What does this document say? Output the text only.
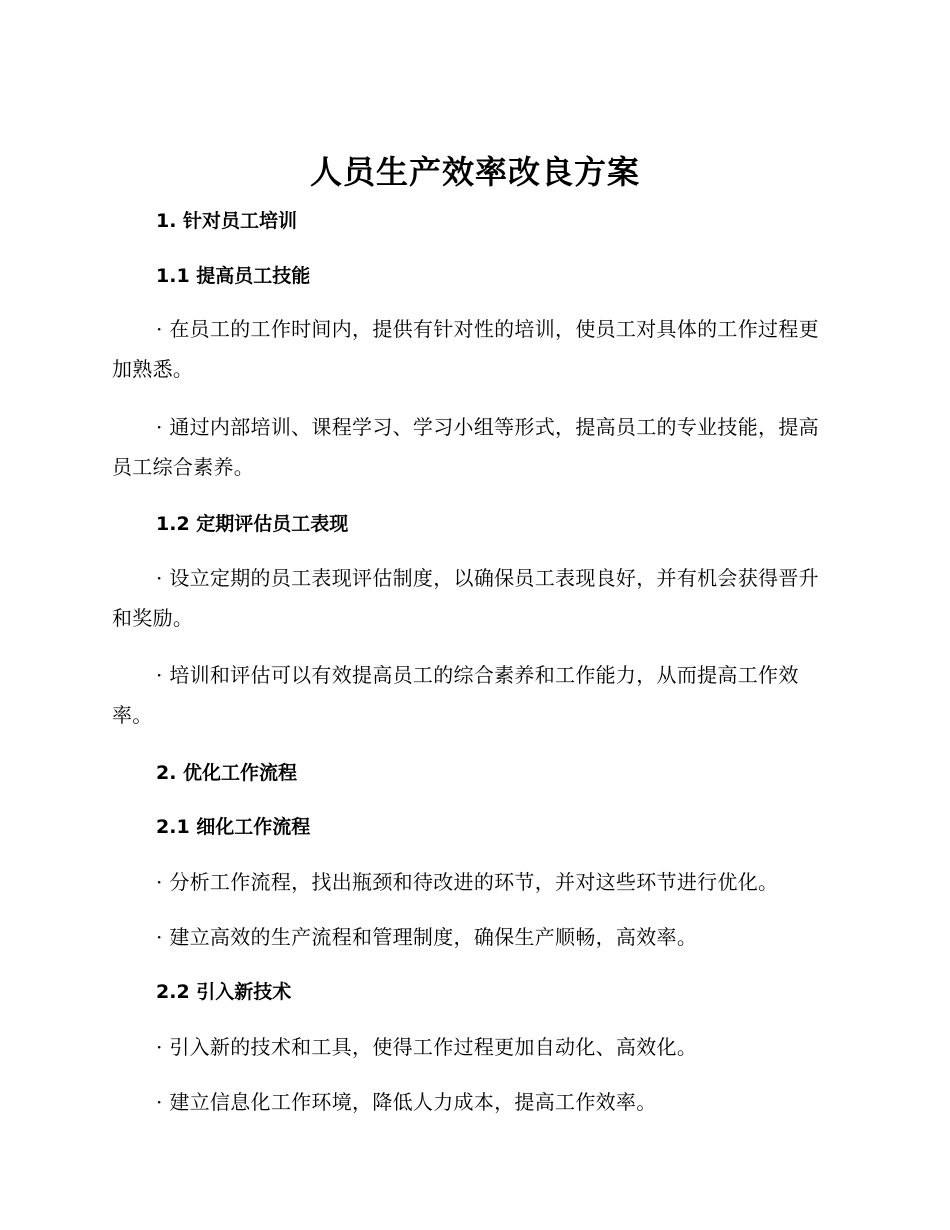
人员生产效率改良方案
1. 针对员工培训
1.1 提高员工技能
· 在员工的工作时间内，提供有针对性的培训，使员工对具体的工作过程更加熟悉。
· 通过内部培训、课程学习、学习小组等形式，提高员工的专业技能，提高员工综合素养。
1.2 定期评估员工表现
· 设立定期的员工表现评估制度，以确保员工表现良好，并有机会获得晋升和奖励。
· 培训和评估可以有效提高员工的综合素养和工作能力，从而提高工作效率。
2. 优化工作流程
2.1 细化工作流程
· 分析工作流程，找出瓶颈和待改进的环节，并对这些环节进行优化。
· 建立高效的生产流程和管理制度，确保生产顺畅，高效率。
2.2 引入新技术
· 引入新的技术和工具，使得工作过程更加自动化、高效化。
· 建立信息化工作环境，降低人力成本，提高工作效率。
